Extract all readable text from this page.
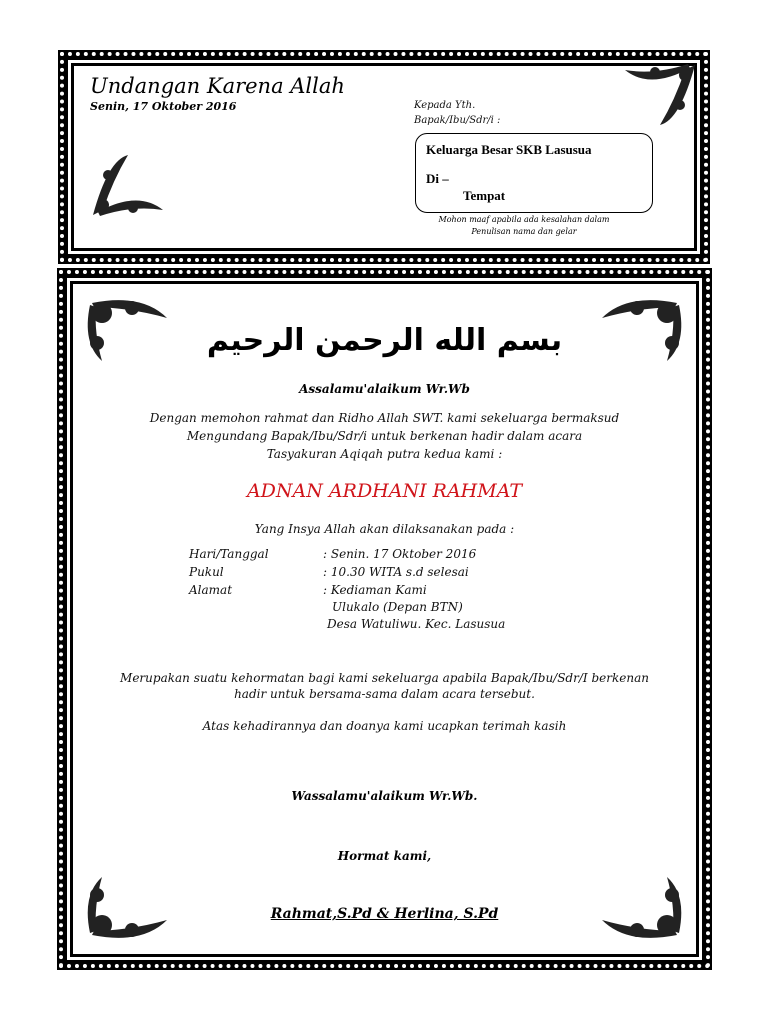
Undangan Karena Allah
Senin, 17 Oktober 2016	Kepada Yth.
Bapak/Ibu/Sdr/i :
Keluarga Besar SKB Lasusua
Di –
Tempat
Mohon maaf apabila ada kesalahan dalam
Penulisan nama dan gelar
بسم الله الرحمن الرحيم
Assalamu'alaikum Wr.Wb
Dengan memohon rahmat dan Ridho Allah SWT. kami sekeluarga bermaksud
Mengundang Bapak/Ibu/Sdr/i untuk berkenan hadir dalam acara
Tasyakuran Aqiqah putra kedua kami :
ADNAN ARDHANI RAHMAT
Yang Insya Allah akan dilaksanakan pada :
Hari/Tanggal	: Senin. 17 Oktober 2016
Pukul	: 10.30 WITA s.d selesai
Alamat	: Kediaman Kami
Ulukalo (Depan BTN)
Desa Watuliwu. Kec. Lasusua
Merupakan suatu kehormatan bagi kami sekeluarga apabila Bapak/Ibu/Sdr/I berkenan
hadir untuk bersama-sama dalam acara tersebut.
Atas kehadirannya dan doanya kami ucapkan terimah kasih
Wassalamu'alaikum Wr.Wb.
Hormat kami,
Rahmat,S.Pd & Herlina, S.Pd
